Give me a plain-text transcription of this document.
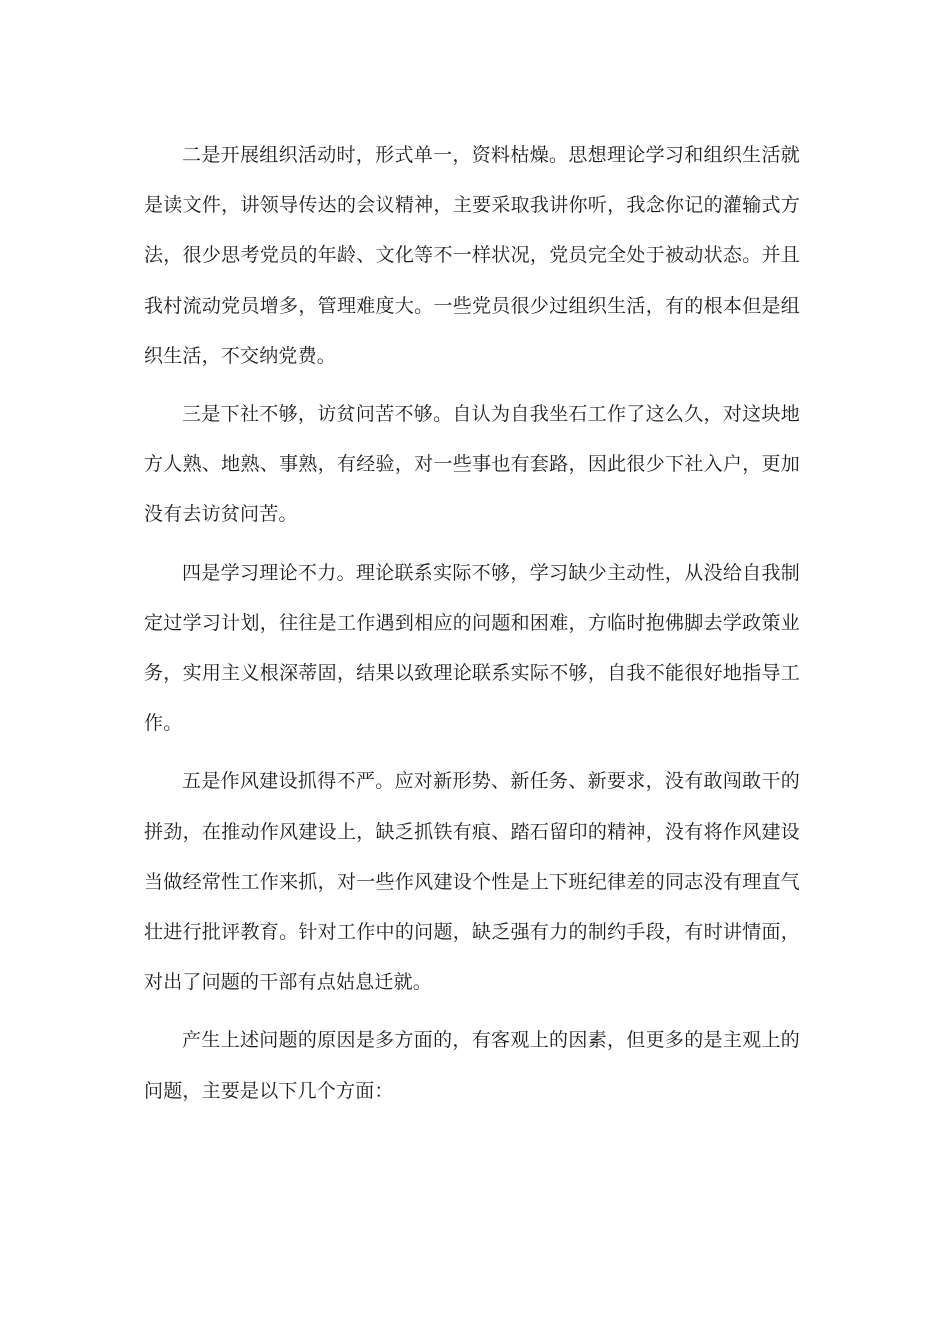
二是开展组织活动时，形式单一，资料枯燥。思想理论学习和组织生活就是读文件，讲领导传达的会议精神，主要采取我讲你听，我念你记的灌输式方法，很少思考党员的年龄、文化等不一样状况，党员完全处于被动状态。并且我村流动党员增多，管理难度大。一些党员很少过组织生活，有的根本但是组织生活，不交纳党费。

三是下社不够，访贫问苦不够。自认为自我坐石工作了这么久，对这块地方人熟、地熟、事熟，有经验，对一些事也有套路，因此很少下社入户，更加没有去访贫问苦。

四是学习理论不力。理论联系实际不够，学习缺少主动性，从没给自我制定过学习计划，往往是工作遇到相应的问题和困难，方临时抱佛脚去学政策业务，实用主义根深蒂固，结果以致理论联系实际不够，自我不能很好地指导工作。

五是作风建设抓得不严。应对新形势、新任务、新要求，没有敢闯敢干的拼劲，在推动作风建设上，缺乏抓铁有痕、踏石留印的精神，没有将作风建设当做经常性工作来抓，对一些作风建设个性是上下班纪律差的同志没有理直气壮进行批评教育。针对工作中的问题，缺乏强有力的制约手段，有时讲情面，对出了问题的干部有点姑息迁就。

产生上述问题的原因是多方面的，有客观上的因素，但更多的是主观上的问题，主要是以下几个方面：
